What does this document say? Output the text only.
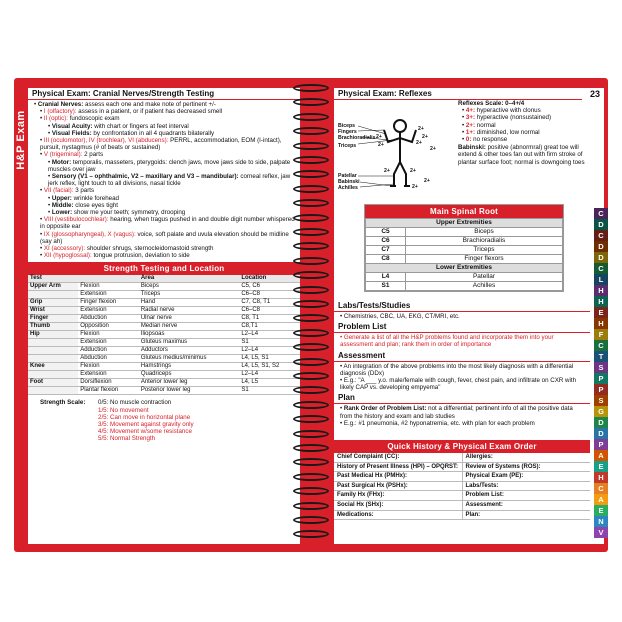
H&P Exam
Physical Exam: Cranial Nerves/Strength Testing
• Cranial Nerves: assess each one and make note of pertinent +/-
• I (olfactory): assess in a patient, or if patient has decreased smell
• II (optic): fundoscopic exam
• Visual Acuity: with chart or fingers at feet interval
• Visual Fields: by confrontation in all 4 quadrants bilaterally
• III (oculomotor), IV (trochlear), VI (abducens): PERRL, accommodation, EOM (I-intact), pursuit, nystagmus (# of beats or sustained)
• V (trigeminal): 2 parts
• Motor: temporalis, masseters, pterygoids: clench jaws, move jaws side to side, palpate muscles over jaw
• Sensory (V1 – ophthalmic, V2 – maxillary and V3 – mandibular): corneal reflex, jaw jerk reflex, light touch to all divisions, nasal tickle
• VII (facial): 3 parts
• Upper: wrinkle forehead
• Middle: close eyes tight
• Lower: show me your teeth; symmetry, drooping
• VIII (vestibulocochlear): hearing, when tragus pushed in and double digit number whispered in opposite ear
• IX (glossopharyngeal), X (vagus): voice, soft palate and uvula elevation should be midline (say ah)
• XI (accessory): shoulder shrugs, sternocleidomastoid strength
• XII (hypoglossal): tongue protrusion, deviation to side
Strength Testing and Location
Test		Area	Location
Upper Arm	Flexion	Biceps	C5, C6
	Extension	Triceps	C6–C8
Grip	Finger flexion	Hand	C7, C8, T1
Wrist	Extension	Radial nerve	C6–C8
Finger	Abduction	Ulnar nerve	C8, T1
Thumb	Opposition	Median nerve	C8,T1
Hip	Flexion	Iliopsoas	L2–L4
	Extension	Gluteus maximus	S1
	Adduction	Adductors	L2–L4
	Abduction	Gluteus medius/minimus	L4, L5, S1
Knee	Flexion	Hamstrings	L4, L5, S1, S2
	Extension	Quadriceps	L2–L4
Foot	Dorsiflexion	Anterior lower leg	L4, L5
	Plantar flexion	Posterior lower leg	S1
Strength Scale:	0/5: No muscle contraction
1/5: No movement
2/5: Can move in horizontal plane
3/5: Movement against gravity only
4/5: Movement w/some resistance
5/5: Normal Strength
23
Physical Exam: Reflexes
Biceps
Fingers
Brachioradialis
Triceps
Patellar
Babinski
Achilles
2+
2+
2+
2+
2+
2+
2+
2+
2+
2+
Reflexes Scale: 0–4+/4
• 4+: hyperactive with clonus
• 3+: hyperactive (nonsustained)
• 2+: normal
• 1+: diminished, low normal
• 0: no response
Babinski: positive (abnormral) great toe will extend & other toes fan out with firm stroke of plantar surface foot; normal is downgoing toes
Main Spinal Root
Upper Extremities	
C5	Biceps
C6	Brachioradialis
C7	Triceps
C8	Finger flexors
Lower Extremities	
L4	Patellar
S1	Achilles
Labs/Tests/Studies
• Chemistries, CBC, UA, EKG, CT/MRI, etc.
Problem List
• Generate a list of all the H&P problems found and incorporate them into your assessment and plan; rank them in order of importance
Assessment
• An integration of the above problems into the most likely diagnosis with a differential diagnosis (DDx)
• E.g.: "A ___ y.o. male/female with cough, fever, chest pain, and infiltrate on CXR with likely CAP vs. developing empyema"
Plan
• Rank Order of Problem List: not a differential; pertinent info of all the positive data from the history and exam and lab studies
• E.g.: #1 pneumonia, #2 hyponatremia, etc. with plan for each problem
Quick History & Physical Exam Order
Chief Complaint (CC):	Allergies:
History of Present Illness (HPI) – OPQRST:	Review of Systems (ROS):
Past Medical Hx (PMHx):	Physical Exam (PE):
Past Surgical Hx (PSHx):	Labs/Tests:
Family Hx (FHx):	Problem List:
Social Hx (SHx):	Assessment:
Medications:	Plan:
H&P Exam
V
N
E
A
C
H
E
A
P
D
D
G
S
P
P
S
T
C
F
H
E
H
H
L
C
D
D
C
D
C
